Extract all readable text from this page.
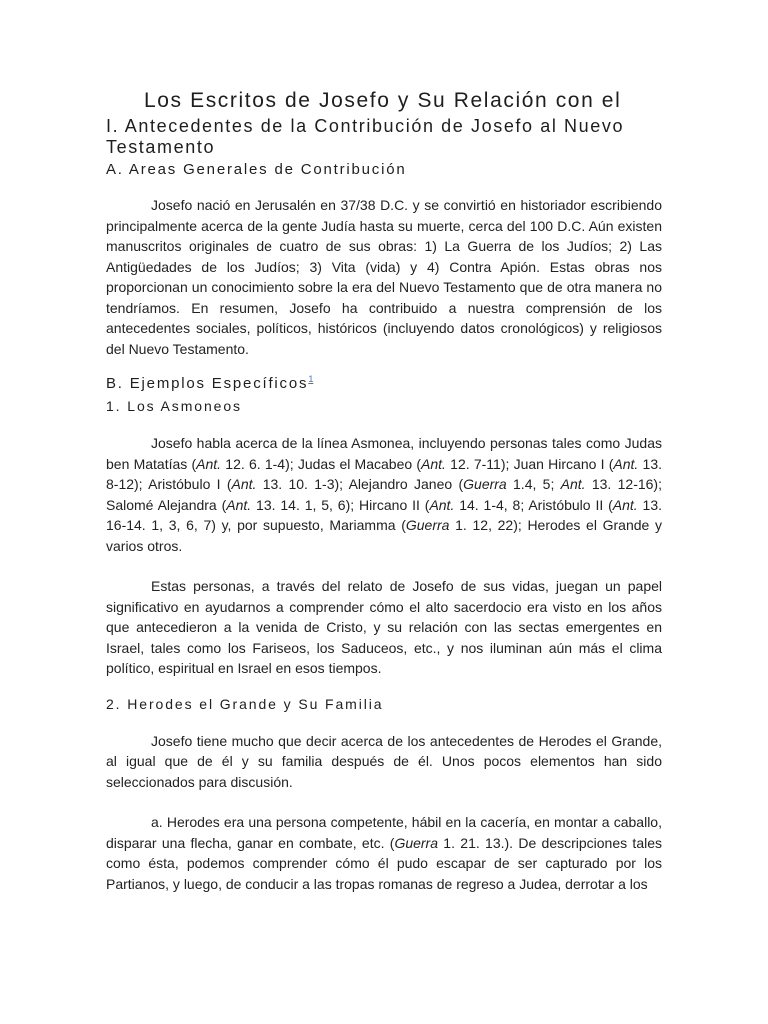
Los Escritos de Josefo y Su Relación con el
I. Antecedentes de la Contribución de Josefo al Nuevo Testamento
A. Areas Generales de Contribución

Josefo nació en Jerusalén en 37/38 D.C. y se convirtió en historiador escribiendo principalmente acerca de la gente Judía hasta su muerte, cerca del 100 D.C. Aún existen manuscritos originales de cuatro de sus obras: 1) La Guerra de los Judíos; 2) Las Antigüedades de los Judíos; 3) Vita (vida) y 4) Contra Apión. Estas obras nos proporcionan un conocimiento sobre la era del Nuevo Testamento que de otra manera no tendríamos. En resumen, Josefo ha contribuido a nuestra comprensión de los antecedentes sociales, políticos, históricos (incluyendo datos cronológicos) y religiosos del Nuevo Testamento.

B. Ejemplos Específicos$^1$
1. Los Asmoneos

Josefo habla acerca de la línea Asmonea, incluyendo personas tales como Judas ben Matatías (Ant. 12. 6. 1-4); Judas el Macabeo (Ant. 12. 7-11); Juan Hircano I (Ant. 13. 8-12); Aristóbulo I (Ant. 13. 10. 1-3); Alejandro Janeo (Guerra 1.4, 5; Ant. 13. 12-16); Salomé Alejandra (Ant. 13. 14. 1, 5, 6); Hircano II (Ant. 14. 1-4, 8; Aristóbulo II (Ant. 13. 16-14. 1, 3, 6, 7) y, por supuesto, Mariamma (Guerra 1. 12, 22); Herodes el Grande y varios otros.

Estas personas, a través del relato de Josefo de sus vidas, juegan un papel significativo en ayudarnos a comprender cómo el alto sacerdocio era visto en los años que antecedieron a la venida de Cristo, y su relación con las sectas emergentes en Israel, tales como los Fariseos, los Saduceos, etc., y nos iluminan aún más el clima político, espiritual en Israel en esos tiempos.

2. Herodes el Grande y Su Familia

Josefo tiene mucho que decir acerca de los antecedentes de Herodes el Grande, al igual que de él y su familia después de él. Unos pocos elementos han sido seleccionados para discusión.

a. Herodes era una persona competente, hábil en la cacería, en montar a caballo, disparar una flecha, ganar en combate, etc. (Guerra 1. 21. 13.). De descripciones tales como ésta, podemos comprender cómo él pudo escapar de ser capturado por los Partianos, y luego, de conducir a las tropas romanas de regreso a Judea, derrotar a los
